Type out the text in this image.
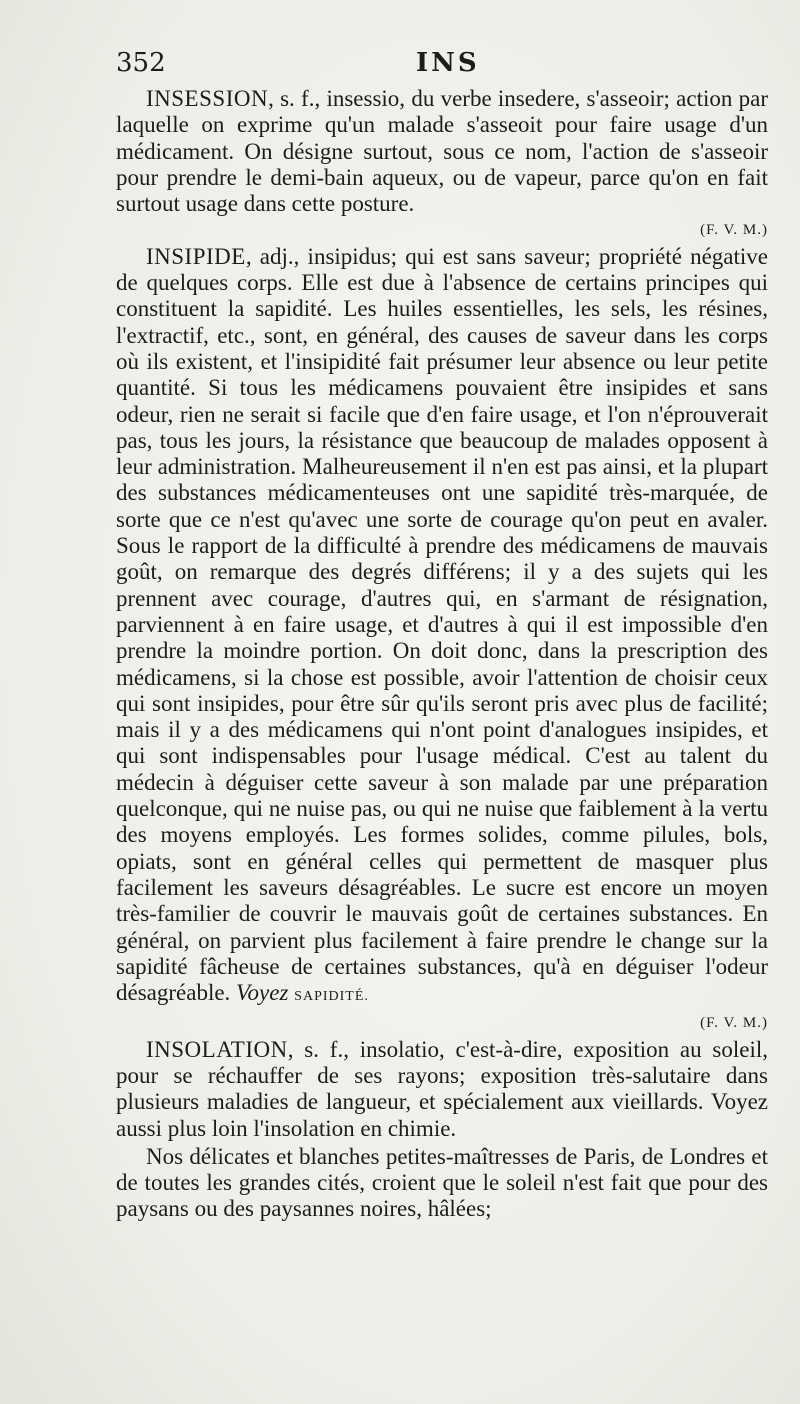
352	INS

INSESSION, s. f., insessio, du verbe insedere, s'asseoir; action par laquelle on exprime qu'un malade s'asseoit pour faire usage d'un médicament. On désigne surtout, sous ce nom, l'action de s'asseoir pour prendre le demi-bain aqueux, ou de vapeur, parce qu'on en fait surtout usage dans cette posture.

(F. V. M.)

INSIPIDE, adj., insipidus; qui est sans saveur; propriété négative de quelques corps. Elle est due à l'absence de certains principes qui constituent la sapidité. Les huiles essentielles, les sels, les résines, l'extractif, etc., sont, en général, des causes de saveur dans les corps où ils existent, et l'insipidité fait présumer leur absence ou leur petite quantité. Si tous les médicamens pouvaient être insipides et sans odeur, rien ne serait si facile que d'en faire usage, et l'on n'éprouverait pas, tous les jours, la résistance que beaucoup de malades opposent à leur administration. Malheureusement il n'en est pas ainsi, et la plupart des substances médicamenteuses ont une sapidité très-marquée, de sorte que ce n'est qu'avec une sorte de courage qu'on peut en avaler. Sous le rapport de la difficulté à prendre des médicamens de mauvais goût, on remarque des degrés différens; il y a des sujets qui les prennent avec courage, d'autres qui, en s'armant de résignation, parviennent à en faire usage, et d'autres à qui il est impossible d'en prendre la moindre portion. On doit donc, dans la prescription des médicamens, si la chose est possible, avoir l'attention de choisir ceux qui sont insipides, pour être sûr qu'ils seront pris avec plus de facilité; mais il y a des médicamens qui n'ont point d'analogues insipides, et qui sont indispensables pour l'usage médical. C'est au talent du médecin à déguiser cette saveur à son malade par une préparation quelconque, qui ne nuise pas, ou qui ne nuise que faiblement à la vertu des moyens employés. Les formes solides, comme pilules, bols, opiats, sont en général celles qui permettent de masquer plus facilement les saveurs désagréables. Le sucre est encore un moyen très-familier de couvrir le mauvais goût de certaines substances. En général, on parvient plus facilement à faire prendre le change sur la sapidité fâcheuse de certaines substances, qu'à en déguiser l'odeur désagréable. Voyez SAPIDITÉ.

(F. V. M.)

INSOLATION, s. f., insolatio, c'est-à-dire, exposition au soleil, pour se réchauffer de ses rayons; exposition très-salutaire dans plusieurs maladies de langueur, et spécialement aux vieillards. Voyez aussi plus loin l'insolation en chimie.

Nos délicates et blanches petites-maîtresses de Paris, de Londres et de toutes les grandes cités, croient que le soleil n'est fait que pour des paysans ou des paysannes noires, hâlées;
